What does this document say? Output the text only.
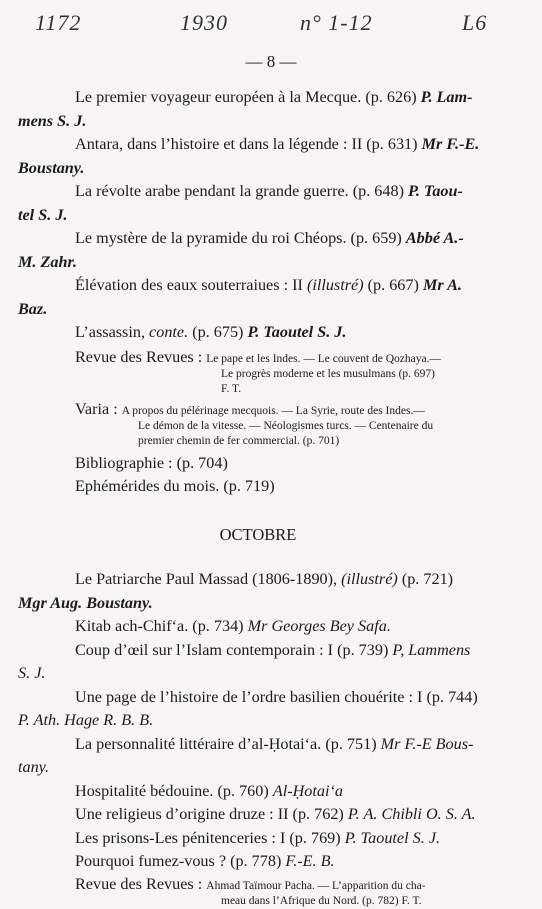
1172	1930	n° 1-12	L6
— 8 —
Le premier voyageur européen à la Mecque. (p. 626) P. Lam-
mens S. J.
Antara, dans l’histoire et dans la légende : II (p. 631) Mr F.-E.
Boustany.
La révolte arabe pendant la grande guerre. (p. 648) P. Taou-
tel S. J.
Le mystère de la pyramide du roi Chéops. (p. 659) Abbé A.-
M. Zahr.
Élévation des eaux souterraiues : II (illustré) (p. 667) Mr A.
Baz.
L’assassin, conte. (p. 675) P. Taoutel S. J.
Revue des Revues : Le pape et les Indes. — Le couvent de Qozhaya.—
Le progrès moderne et les musulmans (p. 697)
F. T.
Varia : A propos du pélérinage mecquois. — La Syrie, route des Indes.—
Le démon de la vitesse. — Néologismes turcs. — Centenaire du
premier chemin de fer commercial. (p. 701)
Bibliographie : (p. 704)
Ephémérides du mois. (p. 719)
OCTOBRE
Le Patriarche Paul Massad (1806-1890), (illustré) (p. 721)
Mgr Aug. Boustany.
Kitab ach-Chif‘a. (p. 734) Mr Georges Bey Safa.
Coup d’œil sur l’Islam contemporain : I (p. 739) P, Lammens
S. J.
Une page de l’histoire de l’ordre basilien chouérite : I (p. 744)
P. Ath. Hage R. B. B.
La personnalité littéraire d’al-Ḥotai‘a. (p. 751) Mr F.-E Bous-
tany.
Hospitalité bédouine. (p. 760) Al-Ḥotai‘a
Une religieus d’origine druze : II (p. 762) P. A. Chibli O. S. A.
Les prisons-Les pénitenceries : I (p. 769) P. Taoutel S. J.
Pourquoi fumez-vous ? (p. 778) F.-E. B.
Revue des Revues : Ahmad Taïmour Pacha. — L’apparition du cha-
meau dans l’Afrique du Nord. (p. 782) F. T.
